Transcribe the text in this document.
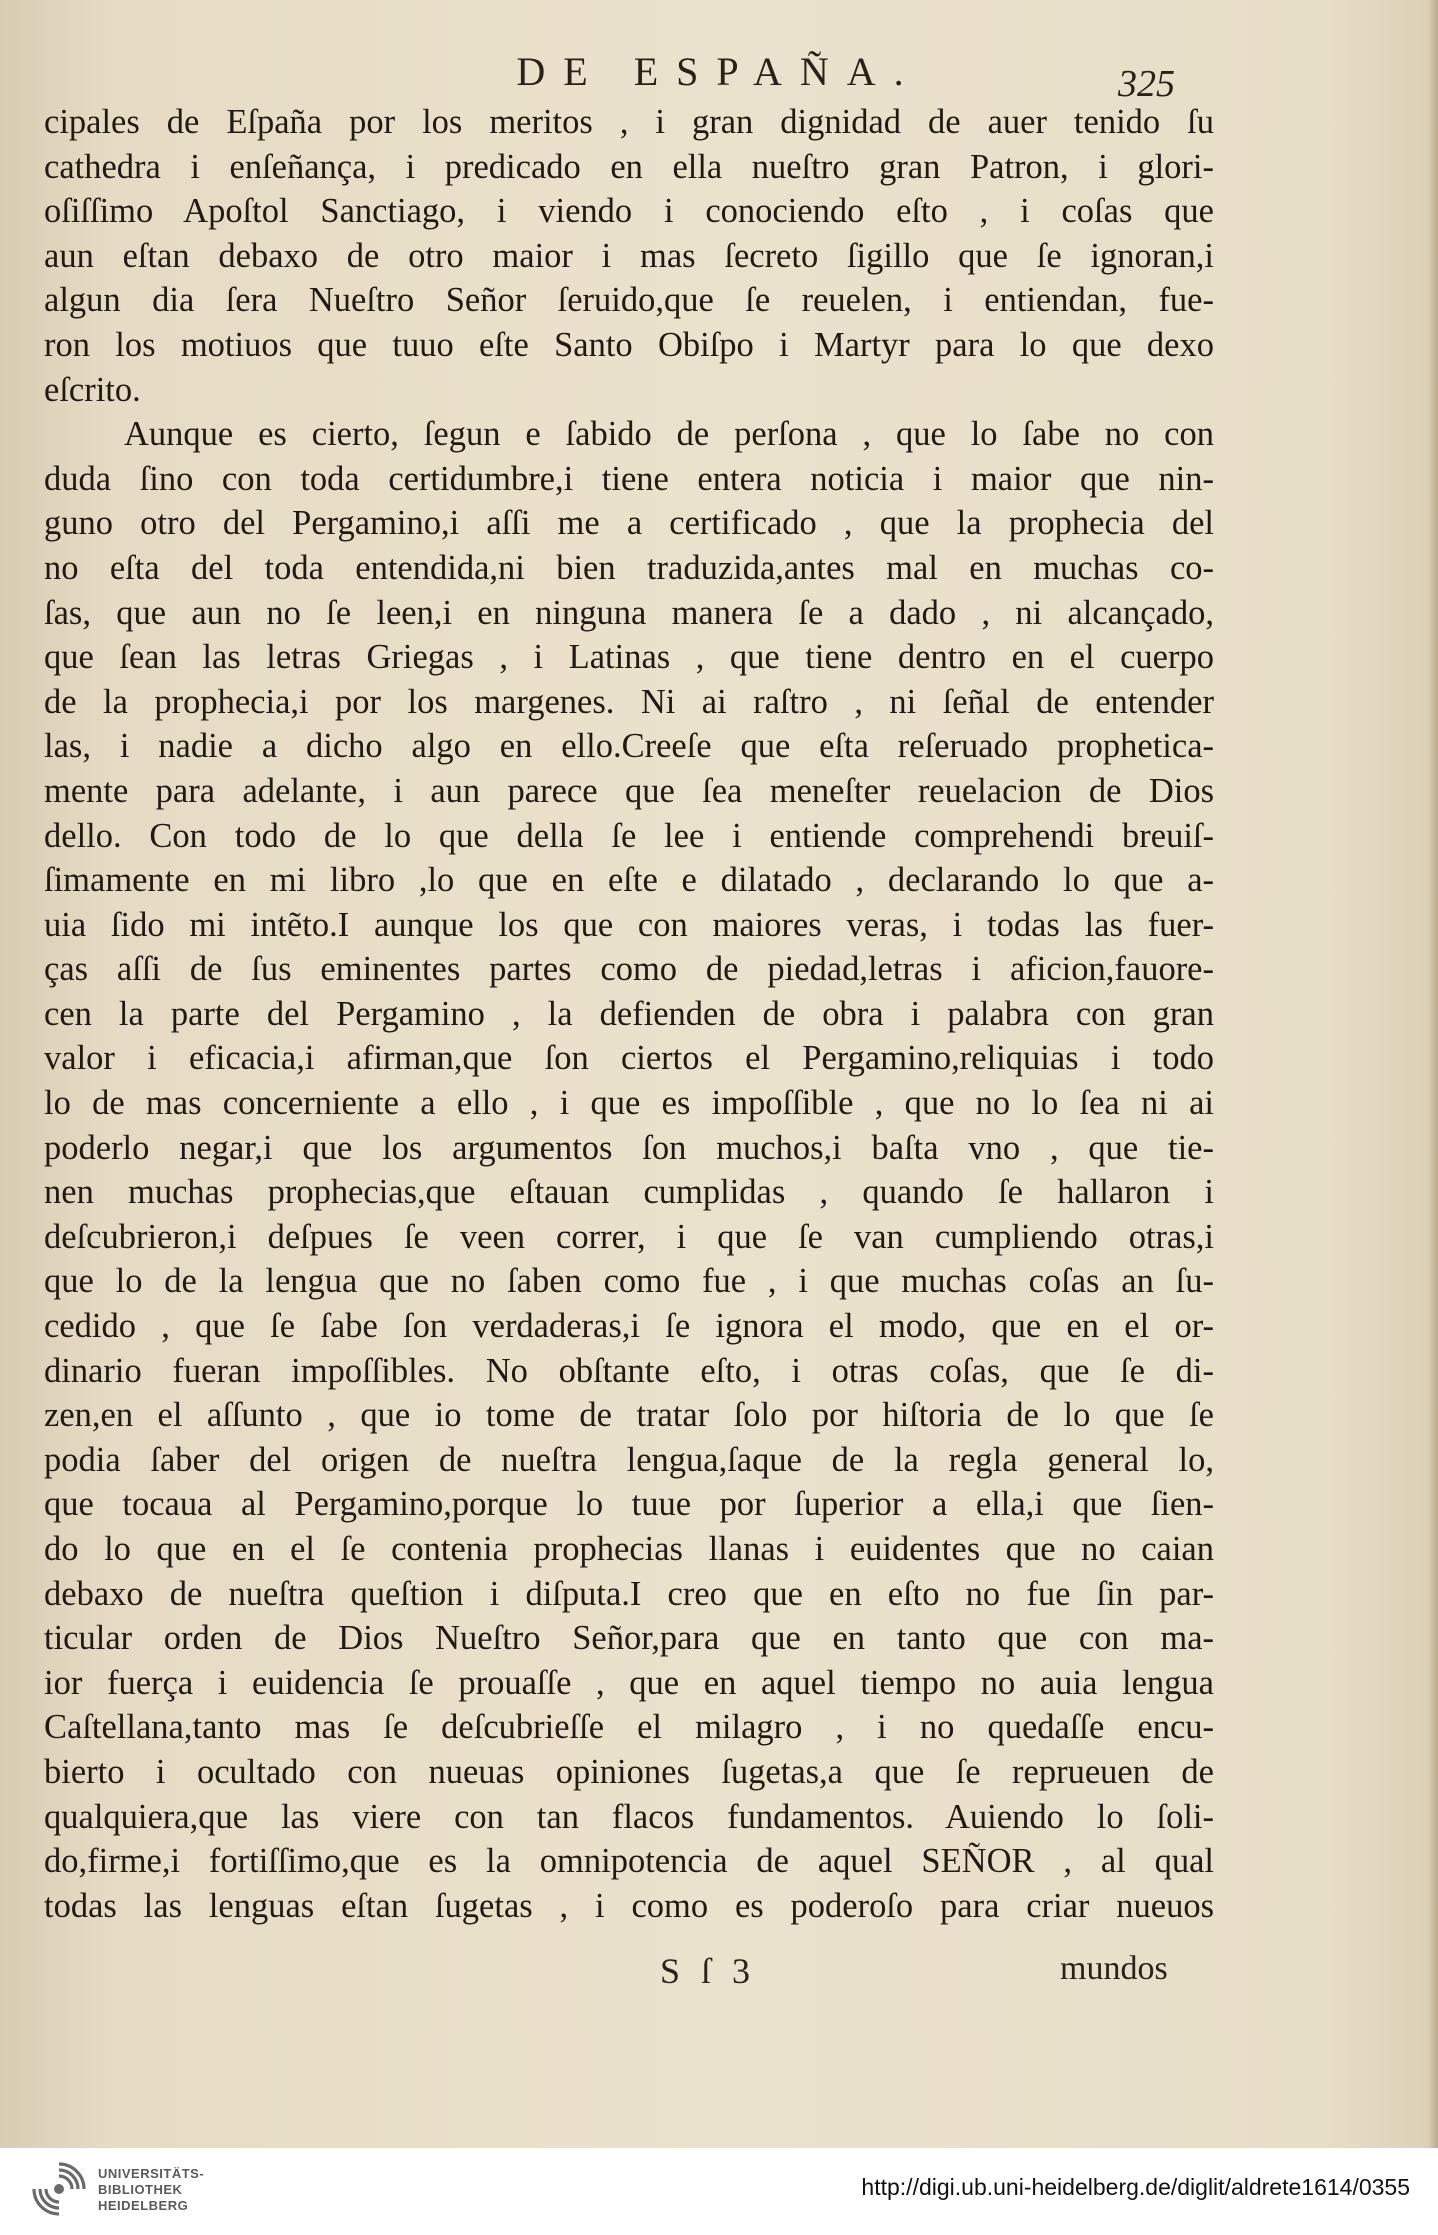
DE ESPAÑA.	325
cipales de Eſpaña por los meritos , i gran dignidad de auer tenido ſu
cathedra i enſeñança, i predicado en ella nueſtro gran Patron, i glori-
oſiſſimo Apoſtol Sanctiago, i viendo i conociendo eſto , i coſas que
aun eſtan debaxo de otro maior i mas ſecreto ſigillo que ſe ignoran,i
algun dia ſera Nueſtro Señor ſeruido,que ſe reuelen, i entiendan, fue-
ron los motiuos que tuuo eſte Santo Obiſpo i Martyr para lo que dexo
eſcrito.
Aunque es cierto, ſegun e ſabido de perſona , que lo ſabe no con
duda ſino con toda certidumbre,i tiene entera noticia i maior que nin-
guno otro del Pergamino,i aſſi me a certificado , que la prophecia del
no eſta del toda entendida,ni bien traduzida,antes mal en muchas co-
ſas, que aun no ſe leen,i en ninguna manera ſe a dado , ni alcançado,
que ſean las letras Griegas , i Latinas , que tiene dentro en el cuerpo
de la prophecia,i por los margenes. Ni ai raſtro , ni ſeñal de entender
las, i nadie a dicho algo en ello.Creeſe que eſta reſeruado prophetica-
mente para adelante, i aun parece que ſea meneſter reuelacion de Dios
dello. Con todo de lo que della ſe lee i entiende comprehendi breuiſ-
ſimamente en mi libro ,lo que en eſte e dilatado , declarando lo que a-
uia ſido mi intẽto.I aunque los que con maiores veras, i todas las fuer-
ças aſſi de ſus eminentes partes como de piedad,letras i aficion,fauore-
cen la parte del Pergamino , la defienden de obra i palabra con gran
valor i eficacia,i afirman,que ſon ciertos el Pergamino,reliquias i todo
lo de mas concerniente a ello , i que es impoſſible , que no lo ſea ni ai
poderlo negar,i que los argumentos ſon muchos,i baſta vno , que tie-
nen muchas prophecias,que eſtauan cumplidas , quando ſe hallaron i
deſcubrieron,i deſpues ſe veen correr, i que ſe van cumpliendo otras,i
que lo de la lengua que no ſaben como fue , i que muchas coſas an ſu-
cedido , que ſe ſabe ſon verdaderas,i ſe ignora el modo, que en el or-
dinario fueran impoſſibles. No obſtante eſto, i otras coſas, que ſe di-
zen,en el aſſunto , que io tome de tratar ſolo por hiſtoria de lo que ſe
podia ſaber del origen de nueſtra lengua,ſaque de la regla general lo,
que tocaua al Pergamino,porque lo tuue por ſuperior a ella,i que ſien-
do lo que en el ſe contenia prophecias llanas i euidentes que no caian
debaxo de nueſtra queſtion i diſputa.I creo que en eſto no fue ſin par-
ticular orden de Dios Nueſtro Señor,para que en tanto que con ma-
ior fuerça i euidencia ſe prouaſſe , que en aquel tiempo no auia lengua
Caſtellana,tanto mas ſe deſcubrieſſe el milagro , i no quedaſſe encu-
bierto i ocultado con nueuas opiniones ſugetas,a que ſe reprueuen de
qualquiera,que las viere con tan flacos fundamentos. Auiendo lo ſoli-
do,firme,i fortiſſimo,que es la omnipotencia de aquel SEÑOR , al qual
todas las lenguas eſtan ſugetas , i como es poderoſo para criar nueuos
S ſ 3	mundos
UNIVERSITÄTS-
BIBLIOTHEK
HEIDELBERG
http://digi.ub.uni-heidelberg.de/diglit/aldrete1614/0355
